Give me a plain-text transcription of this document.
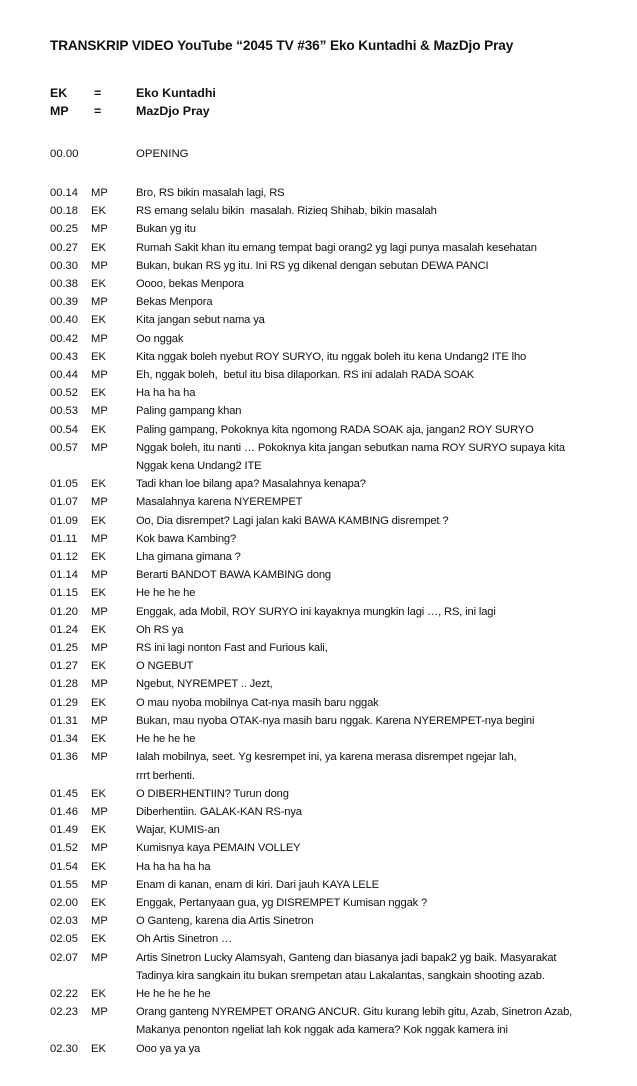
TRANSKRIP VIDEO YouTube “2045 TV #36” Eko Kuntadhi & MazDjo Pray
EK =	Eko Kuntadhi
MP =	MazDjo Pray
00.00	OPENING
00.14 MP	Bro, RS bikin masalah lagi, RS
00.18 EK	RS emang selalu bikin  masalah. Rizieq Shihab, bikin masalah
00.25 MP	Bukan yg itu
00.27 EK	Rumah Sakit khan itu emang tempat bagi orang2 yg lagi punya masalah kesehatan
00.30 MP	Bukan, bukan RS yg itu. Ini RS yg dikenal dengan sebutan DEWA PANCI
00.38 EK	Oooo, bekas Menpora
00.39 MP	Bekas Menpora
00.40 EK	Kita jangan sebut nama ya
00.42 MP	Oo nggak
00.43 EK	Kita nggak boleh nyebut ROY SURYO, itu nggak boleh itu kena Undang2 ITE lho
00.44 MP	Eh, nggak boleh,  betul itu bisa dilaporkan. RS ini adalah RADA SOAK
00.52 EK	Ha ha ha ha
00.53 MP	Paling gampang khan
00.54 EK	Paling gampang, Pokoknya kita ngomong RADA SOAK aja, jangan2 ROY SURYO
00.57 MP	Nggak boleh, itu nanti … Pokoknya kita jangan sebutkan nama ROY SURYO supaya kita
Nggak kena Undang2 ITE
01.05 EK	Tadi khan loe bilang apa? Masalahnya kenapa?
01.07 MP	Masalahnya karena NYEREMPET
01.09 EK	Oo, Dia disrempet? Lagi jalan kaki BAWA KAMBING disrempet ?
01.11 MP	Kok bawa Kambing?
01.12 EK	Lha gimana gimana ?
01.14 MP	Berarti BANDOT BAWA KAMBING dong
01.15 EK	He he he he
01.20 MP	Enggak, ada Mobil, ROY SURYO ini kayaknya mungkin lagi …, RS, ini lagi
01.24 EK	Oh RS ya
01.25 MP	RS ini lagi nonton Fast and Furious kali,
01.27 EK	O NGEBUT
01.28 MP	Ngebut, NYREMPET .. Jezt,
01.29 EK	O mau nyoba mobilnya Cat-nya masih baru nggak
01.31 MP	Bukan, mau nyoba OTAK-nya masih baru nggak. Karena NYEREMPET-nya begini
01.34 EK	He he he he
01.36 MP	Ialah mobilnya, seet. Yg kesrempet ini, ya karena merasa disrempet ngejar lah,
rrrt berhenti.
01.45 EK	O DIBERHENTIIN? Turun dong
01.46 MP	Diberhentiin. GALAK-KAN RS-nya
01.49 EK	Wajar, KUMIS-an
01.52 MP	Kumisnya kaya PEMAIN VOLLEY
01.54 EK	Ha ha ha ha ha
01.55 MP	Enam di kanan, enam di kiri. Dari jauh KAYA LELE
02.00 EK	Enggak, Pertanyaan gua, yg DISREMPET Kumisan nggak ?
02.03 MP	O Ganteng, karena dia Artis Sinetron
02.05 EK	Oh Artis Sinetron …
02.07 MP	Artis Sinetron Lucky Alamsyah, Ganteng dan biasanya jadi bapak2 yg baik. Masyarakat
Tadinya kira sangkain itu bukan srempetan atau Lakalantas, sangkain shooting azab.
02.22 EK	He he he he he
02.23 MP	Orang ganteng NYREMPET ORANG ANCUR. Gitu kurang lebih gitu, Azab, Sinetron Azab,
Makanya penonton ngeliat lah kok nggak ada kamera? Kok nggak kamera ini
02.30 EK	Ooo ya ya ya
